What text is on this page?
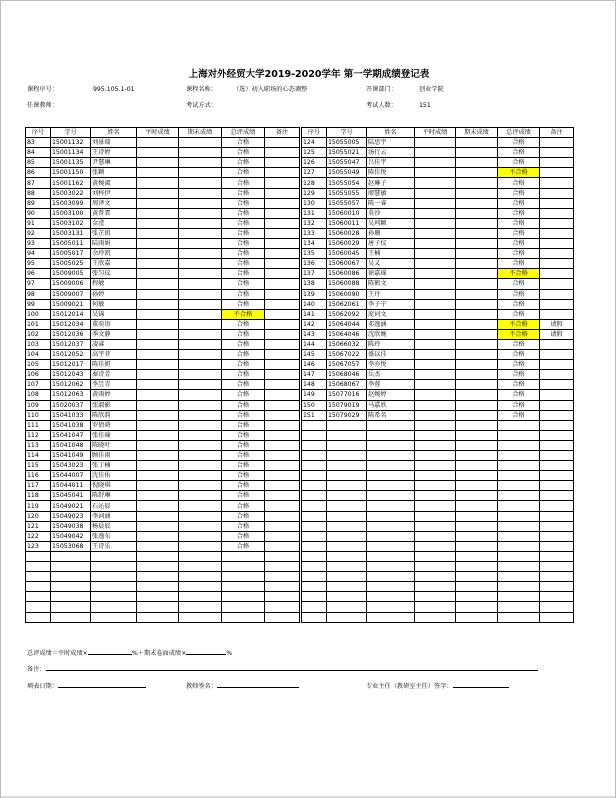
上海对外经贸大学2019-2020学年 第一学期成绩登记表
课程序号：	995.105.1-01	课程名称：	（选）初入职场的心态调整	开课部门：	创业学院
任课教师：	考试方式：	考试人数：	151
序号	学号	姓名	平时成绩	期末成绩	总评成绩	备注
83	15001132	刘景瑞			合格	
84	15001134	王诗婷			合格	
85	15001135	尹慧琳			合格	
86	15001150	张颖			合格	
87	15001162	黄婉淑			合格	
88	15003022	刘梓伊			合格	
89	15003099	周泽文			合格	
90	15003100	黄普霏			合格	
91	15003102	金滢			合格	
92	15003131	张芷钥			合格	
93	15005011	陆雨娟			合格	
94	15005017	余玲凯			合格	
95	15005025	王欣嘉			合格	
96	15009005	张匀玟			合格	
97	15009006	程敏			合格	
98	15009007	孙婷			合格	
99	15009021	何敏			合格	
100	15012014	吴锦			不合格	
101	15012034	董奕语			合格	
102	15012036	季文静			合格	
103	15012037	凌睿			合格	
104	15012052	高宇菲			合格	
105	15012017	陈佳妍			合格	
106	15012043	秦诗芳			合格	
107	15012062	李昱青			合格	
108	15012063	黄雨婷			合格	
109	15020037	张淑影			合格	
110	15041033	陈欣韵			合格	
111	15041038	罗倩舜			合格	
112	15041047	张佳瑜			合格	
113	15041048	陈晓叶			合格	
114	15041049	顾佳雨			合格	
115	15043023	张丁楠			合格	
116	15044007	沈佳佑			合格	
117	15044011	倪晓琪			合格	
118	15045041	陈舒琳			合格	
119	15049021	石沁辰			合格	
120	15049023	李词涵			合格	
121	15049038	杨晨辰			合格	
122	15049042	张逸东			合格	
123	15053068	王诗乐			合格	

序号	学号	姓名	平时成绩	期末成绩	总评成绩	备注
124	15055005	陆思宇			合格	
125	15055021	汤行云			合格	
126	15055047	吕佳宇			合格	
127	15055049	陈佳悦			不合格	
128	15055054	赵琳子			合格	
129	15055055	廖慧敏			合格	
130	15055057	陈一睿			合格	
131	15060010	莫沙			合格	
132	15060011	吴珂颖			合格	
133	15060028	孙珊			合格	
134	15060029	唐子仪			合格	
135	15060045	王楠			合格	
136	15060067	吴义			合格	
137	15060086	徐嘉瑶			不合格	
138	15060088	陈鹤文			合格	
139	15060090	王丹			合格	
140	15062061	李子宁			合格	
141	15062092	庞诃文			合格	
142	15064044	邓逸涵			不合格	请假
143	15064046	沈欣婉			不合格	请假
144	15066032	陈玲			合格	
145	15067022	盛以佳			合格	
146	15067057	李亦悦			合格	
147	15068046	岳杰			合格	
148	15068067	李蓉			合格	
149	15077016	赵婉婷			合格	
150	15079019	马嘉欣			合格	
151	15079029	陈希名			合格	

总评成绩＝平时成绩×	%＋期末卷面成绩×	%
备注：
填表日期：	教师签名：	专业主任（教研室主任）签字：
